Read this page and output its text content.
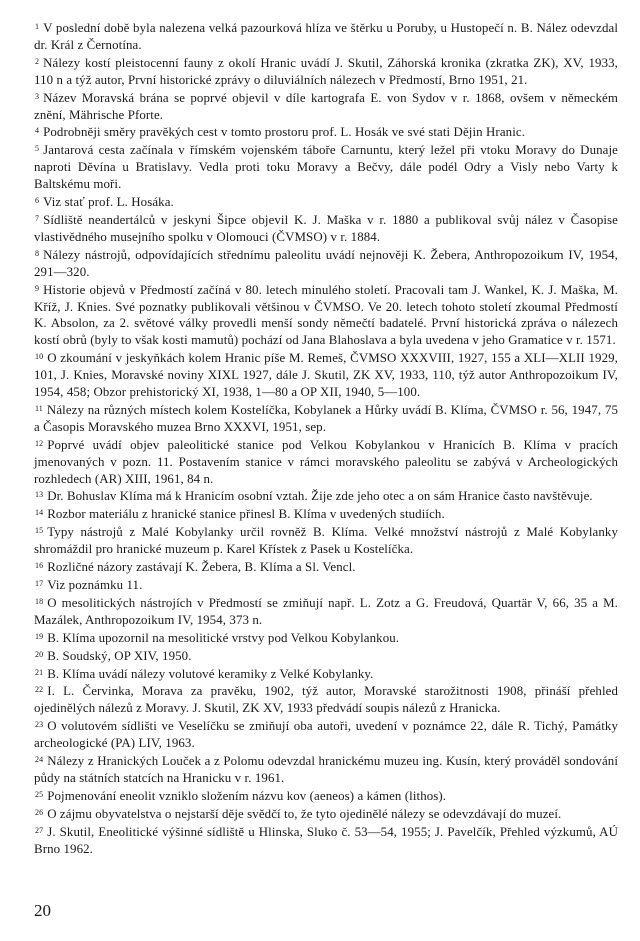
$^1$ V poslední době byla nalezena velká pazourková hlíza ve štěrku u Poruby, u Hustopečí n. B. Nález odevzdal dr. Král z Černotína.

$^2$ Nálezy kostí pleistocenní fauny z okolí Hranic uvádí J. Skutil, Záhorská kronika (zkratka ZK), XV, 1933, 110 n a týž autor, První historické zprávy o diluviálních nálezech v Předmostí, Brno 1951, 21.

$^3$ Název Moravská brána se poprvé objevil v díle kartografa E. von Sydov v r. 1868, ovšem v německém znění, Mährische Pforte.

$^4$ Podrobněji směry pravěkých cest v tomto prostoru prof. L. Hosák ve své stati Dějin Hranic.

$^5$ Jantarová cesta začínala v římském vojenském táboře Carnuntu, který ležel při vtoku Moravy do Dunaje naproti Děvína u Bratislavy. Vedla proti toku Moravy a Bečvy, dále podél Odry a Visly nebo Varty k Baltskému moři.

$^6$ Viz stať prof. L. Hosáka.

$^7$ Sídliště neandertálců v jeskyni Šipce objevil K. J. Maška v r. 1880 a publikoval svůj nález v Časopise vlastivědného musejního spolku v Olomouci (ČVMSO) v r. 1884.

$^8$ Nálezy nástrojů, odpovídajících střednímu paleolitu uvádí nejnověji K. Žebera, Anthropozoikum IV, 1954, 291—320.

$^9$ Historie objevů v Předmostí začíná v 80. letech minulého století. Pracovali tam J. Wankel, K. J. Maška, M. Kříž, J. Knies. Své poznatky publikovali většinou v ČVMSO. Ve 20. letech tohoto století zkoumal Předmostí K. Absolon, za 2. světové války provedli menší sondy němečtí badatelé. První historická zpráva o nálezech kostí obrů (byly to však kosti mamutů) pochází od Jana Blahoslava a byla uvedena v jeho Gramatice v r. 1571.

$^{10}$ O zkoumání v jeskyňkách kolem Hranic píše M. Remeš, ČVMSO XXXVIII, 1927, 155 a XLI—XLII 1929, 101, J. Knies, Moravské noviny XIXL 1927, dále J. Skutil, ZK XV, 1933, 110, týž autor Anthropozoikum IV, 1954, 458; Obzor prehistorický XI, 1938, 1—80 a OP XII, 1940, 5—100.

$^{11}$ Nálezy na různých místech kolem Kostelíčka, Kobylanek a Hůrky uvádí B. Klíma, ČVMSO r. 56, 1947, 75 a Časopis Moravského muzea Brno XXXVI, 1951, sep.

$^{12}$ Poprvé uvádí objev paleolitické stanice pod Velkou Kobylankou v Hranicích B. Klíma v pracích jmenovaných v pozn. 11. Postavením stanice v rámci moravského paleolitu se zabývá v Archeologických rozhledech (AR) XIII, 1961, 84 n.

$^{13}$ Dr. Bohuslav Klíma má k Hranicím osobní vztah. Žije zde jeho otec a on sám Hranice často navštěvuje.

$^{14}$ Rozbor materiálu z hranické stanice přinesl B. Klíma v uvedených studiích.

$^{15}$ Typy nástrojů z Malé Kobylanky určil rovněž B. Klíma. Velké množství nástrojů z Malé Kobylanky shromáždil pro hranické muzeum p. Karel Křístek z Pasek u Kostelíčka.

$^{16}$ Rozličné názory zastávají K. Žebera, B. Klíma a Sl. Vencl.

$^{17}$ Viz poznámku 11.

$^{18}$ O mesolitických nástrojích v Předmostí se zmiňují např. L. Zotz a G. Freudová, Quartär V, 66, 35 a M. Mazálek, Anthropozoikum IV, 1954, 373 n.

$^{19}$ B. Klíma upozornil na mesolitické vrstvy pod Velkou Kobylankou.

$^{20}$ B. Soudský, OP XIV, 1950.

$^{21}$ B. Klíma uvádí nálezy volutové keramiky z Velké Kobylanky.

$^{22}$ I. L. Červinka, Morava za pravěku, 1902, týž autor, Moravské starožitnosti 1908, přináší přehled ojedinělých nálezů z Moravy. J. Skutil, ZK XV, 1933 předvádí soupis nálezů z Hranicka.

$^{23}$ O volutovém sídlišti ve Veselíčku se zmiňují oba autoři, uvedení v poznámce 22, dále R. Tichý, Památky archeologické (PA) LIV, 1963.

$^{24}$ Nálezy z Hranických Louček a z Polomu odevzdal hranickému muzeu ing. Kusín, který prováděl sondování půdy na státních statcích na Hranicku v r. 1961.

$^{25}$ Pojmenování eneolit vzniklo složením názvu kov (aeneos) a kámen (lithos).

$^{26}$ O zájmu obyvatelstva o nejstarší děje svědčí to, že tyto ojedinělé nálezy se odevzdávají do muzeí.

$^{27}$ J. Skutil, Eneolitické výšinné sídliště u Hlinska, Sluko č. 53—54, 1955; J. Pavelčík, Přehled výzkumů, AÚ Brno 1962.

20
